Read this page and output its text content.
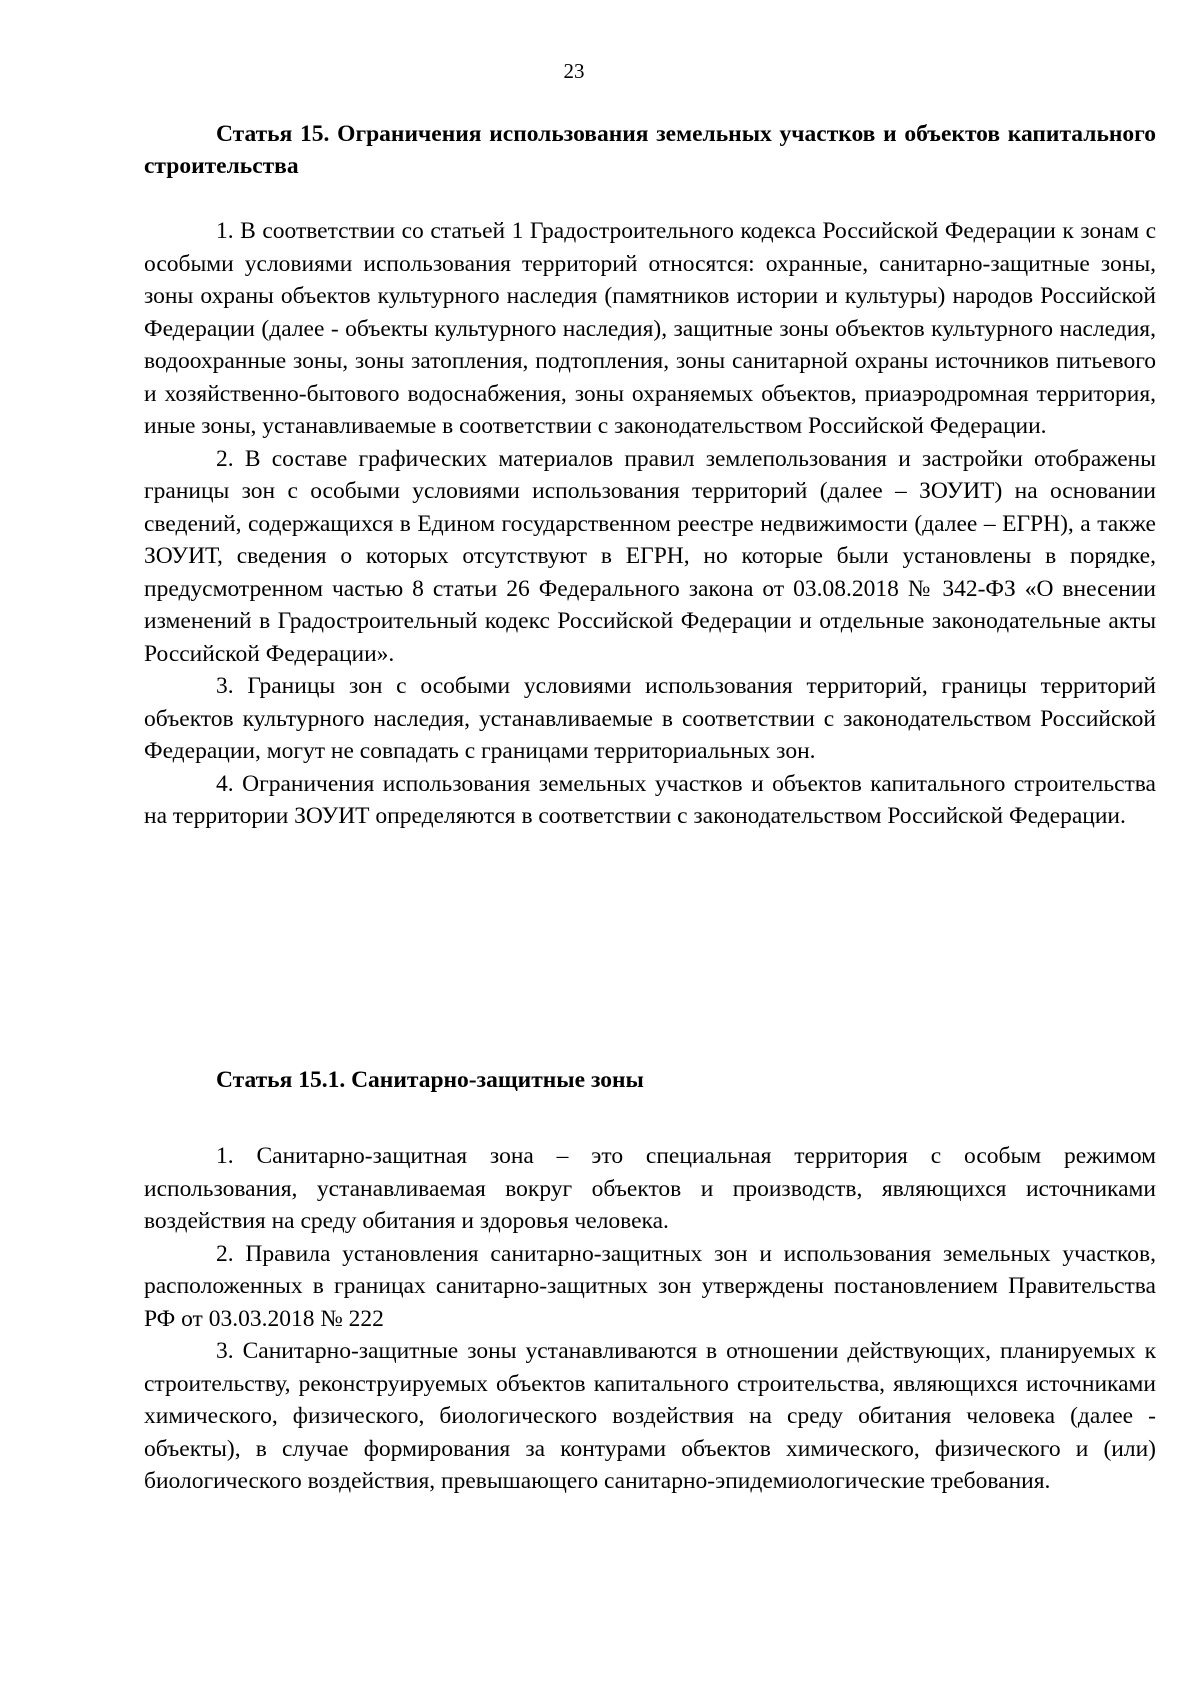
23
Статья 15. Ограничения использования земельных участков и объектов капитального строительства

1. В соответствии со статьей 1 Градостроительного кодекса Российской Федерации к зонам с особыми условиями использования территорий относятся: охранные, санитарно-защитные зоны, зоны охраны объектов культурного наследия (памятников истории и культуры) народов Российской Федерации (далее - объекты культурного наследия), защитные зоны объектов культурного наследия, водоохранные зоны, зоны затопления, подтопления, зоны санитарной охраны источников питьевого и хозяйственно-бытового водоснабжения, зоны охраняемых объектов, приаэродромная территория, иные зоны, устанавливаемые в соответствии с законодательством Российской Федерации.

2. В составе графических материалов правил землепользования и застройки отображены границы зон с особыми условиями использования территорий (далее – ЗОУИТ) на основании сведений, содержащихся в Едином государственном реестре недвижимости (далее – ЕГРН), а также ЗОУИТ, сведения о которых отсутствуют в ЕГРН, но которые были установлены в порядке, предусмотренном частью 8 статьи 26 Федерального закона от 03.08.2018 № 342-ФЗ «О внесении изменений в Градостроительный кодекс Российской Федерации и отдельные законодательные акты Российской Федерации».

3. Границы зон с особыми условиями использования территорий, границы территорий объектов культурного наследия, устанавливаемые в соответствии с законодательством Российской Федерации, могут не совпадать с границами территориальных зон.

4. Ограничения использования земельных участков и объектов капитального строительства на территории ЗОУИТ определяются в соответствии с законодательством Российской Федерации.

Статья 15.1. Санитарно-защитные зоны

1. Санитарно-защитная зона – это специальная территория с особым режимом использования, устанавливаемая вокруг объектов и производств, являющихся источниками воздействия на среду обитания и здоровья человека.

2. Правила установления санитарно-защитных зон и использования земельных участков, расположенных в границах санитарно-защитных зон утверждены постановлением Правительства РФ от 03.03.2018 № 222

3. Санитарно-защитные зоны устанавливаются в отношении действующих, планируемых к строительству, реконструируемых объектов капитального строительства, являющихся источниками химического, физического, биологического воздействия на среду обитания человека (далее - объекты), в случае формирования за контурами объектов химического, физического и (или) биологического воздействия, превышающего санитарно-эпидемиологические требования.
